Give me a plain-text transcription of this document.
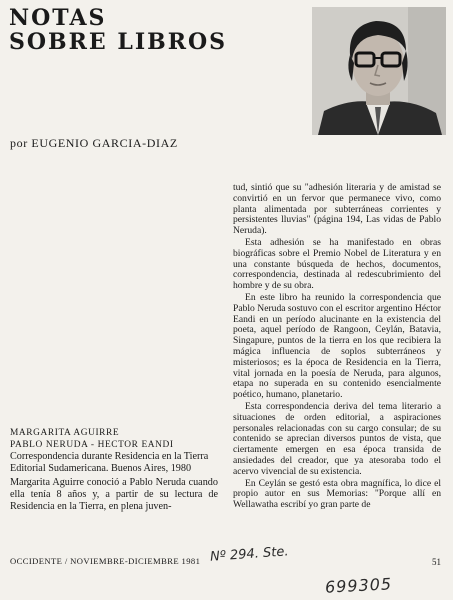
NOTAS
SOBRE LIBROS
por EUGENIO GARCIA-DIAZ
MARGARITA AGUIRRE
PABLO NERUDA - HECTOR EANDI
Correspondencia durante Residencia en la Tierra
Editorial Sudamericana. Buenos Aires, 1980
Margarita Aguirre conoció a Pablo Neruda cuando ella tenía 8 años y, a partir de su lectura de Residencia en la Tierra, en plena juven-

tud, sintió que su "adhesión literaria y de amistad se convirtió en un fervor que permanece vivo, como planta alimentada por subterráneas corrientes y persistentes lluvias" (página 194, Las vidas de Pablo Neruda).

Esta adhesión se ha manifestado en obras biográficas sobre el Premio Nobel de Literatura y en una constante búsqueda de hechos, documentos, correspondencia, destinada al redescubrimiento del hombre y de su obra.

En este libro ha reunido la correspondencia que Pablo Neruda sostuvo con el escritor argentino Héctor Eandi en un período alucinante en la existencia del poeta, aquel período de Rangoon, Ceylán, Batavia, Singapure, puntos de la tierra en los que recibiera la mágica influencia de soplos subterráneos y misteriosos; es la época de Residencia en la Tierra, vital jornada en la poesía de Neruda, para algunos, etapa no superada en su contenido esencialmente poético, humano, planetario.

Esta correspondencia deriva del tema literario a situaciones de orden editorial, a aspiraciones personales relacionadas con su cargo consular; de su contenido se aprecian diversos puntos de vista, que ciertamente emergen en esa época transida de ansiedades del creador, que ya atesoraba todo el acervo vivencial de su existencia.

En Ceylán se gestó esta obra magnífica, lo dice el propio autor en sus Memorias: "Porque allí en Wellawatha escribí yo gran parte de

OCCIDENTE / NOVIEMBRE-DICIEMBRE 1981	51
Nº 294. Ste.
699305
